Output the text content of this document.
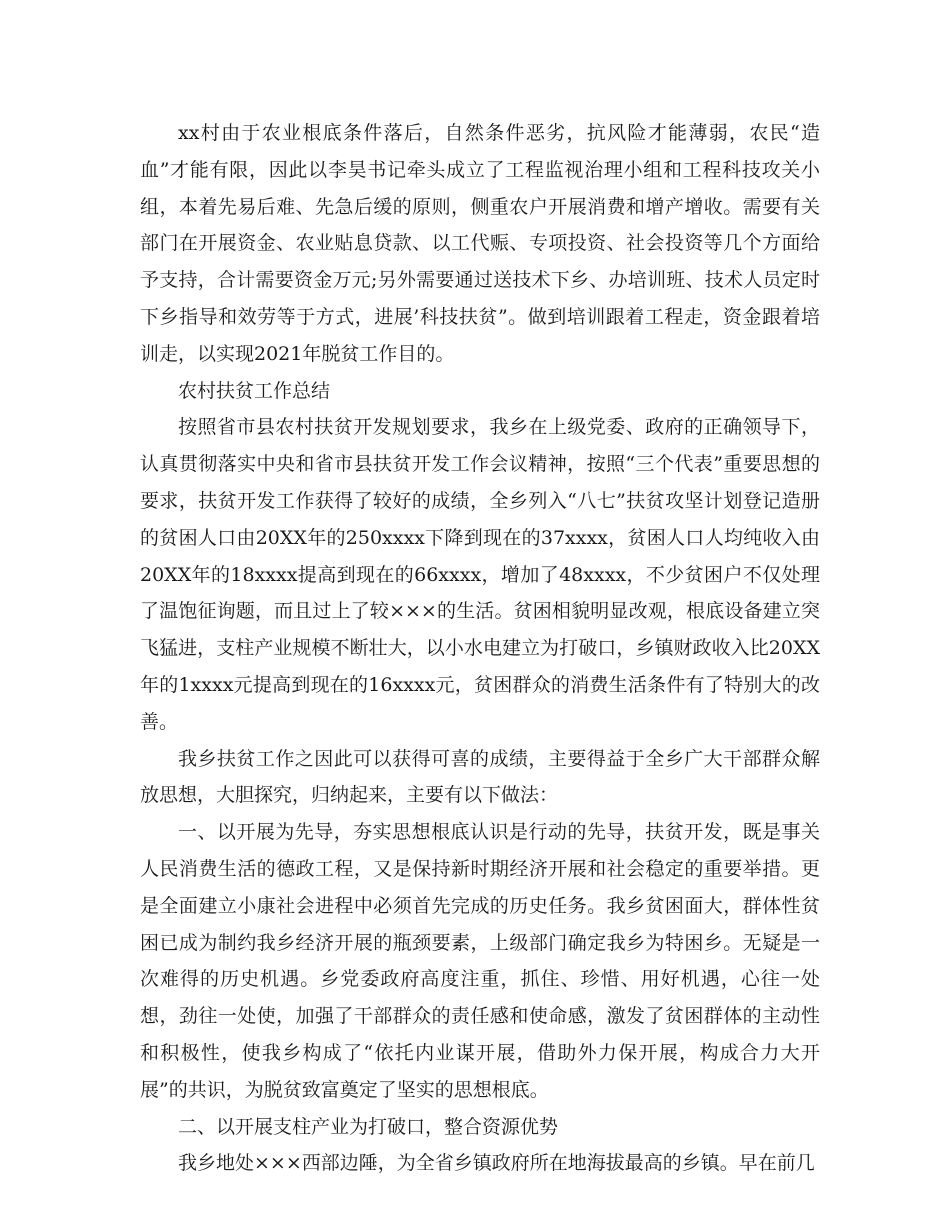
xx村由于农业根底条件落后，自然条件恶劣，抗风险才能薄弱，农民“造血”才能有限，因此以李昊书记牵头成立了工程监视治理小组和工程科技攻关小组，本着先易后难、先急后缓的原则，侧重农户开展消费和增产增收。需要有关部门在开展资金、农业贴息贷款、以工代赈、专项投资、社会投资等几个方面给予支持，合计需要资金万元;另外需要通过送技术下乡、办培训班、技术人员定时下乡指导和效劳等于方式，进展’科技扶贫”。做到培训跟着工程走，资金跟着培训走，以实现2021年脱贫工作目的。

农村扶贫工作总结

按照省市县农村扶贫开发规划要求，我乡在上级党委、政府的正确领导下，认真贯彻落实中央和省市县扶贫开发工作会议精神，按照“三个代表”重要思想的要求，扶贫开发工作获得了较好的成绩，全乡列入“八七”扶贫攻坚计划登记造册的贫困人口由20XX年的250xxxx下降到现在的37xxxx，贫困人口人均纯收入由20XX年的18xxxx提高到现在的66xxxx，增加了48xxxx，不少贫困户不仅处理了温饱征询题，而且过上了较×××的生活。贫困相貌明显改观，根底设备建立突飞猛进，支柱产业规模不断壮大，以小水电建立为打破口，乡镇财政收入比20XX年的1xxxx元提高到现在的16xxxx元，贫困群众的消费生活条件有了特别大的改善。

我乡扶贫工作之因此可以获得可喜的成绩，主要得益于全乡广大干部群众解放思想，大胆探究，归纳起来，主要有以下做法：

一、以开展为先导，夯实思想根底认识是行动的先导，扶贫开发，既是事关人民消费生活的德政工程，又是保持新时期经济开展和社会稳定的重要举措。更是全面建立小康社会进程中必须首先完成的历史任务。我乡贫困面大，群体性贫困已成为制约我乡经济开展的瓶颈要素，上级部门确定我乡为特困乡。无疑是一次难得的历史机遇。乡党委政府高度注重，抓住、珍惜、用好机遇，心往一处想，劲往一处使，加强了干部群众的责任感和使命感，激发了贫困群体的主动性和积极性，使我乡构成了“依托内业谋开展，借助外力保开展，构成合力大开展”的共识，为脱贫致富奠定了坚实的思想根底。

二、以开展支柱产业为打破口，整合资源优势

我乡地处×××西部边陲，为全省乡镇政府所在地海拔最高的乡镇。早在前几
